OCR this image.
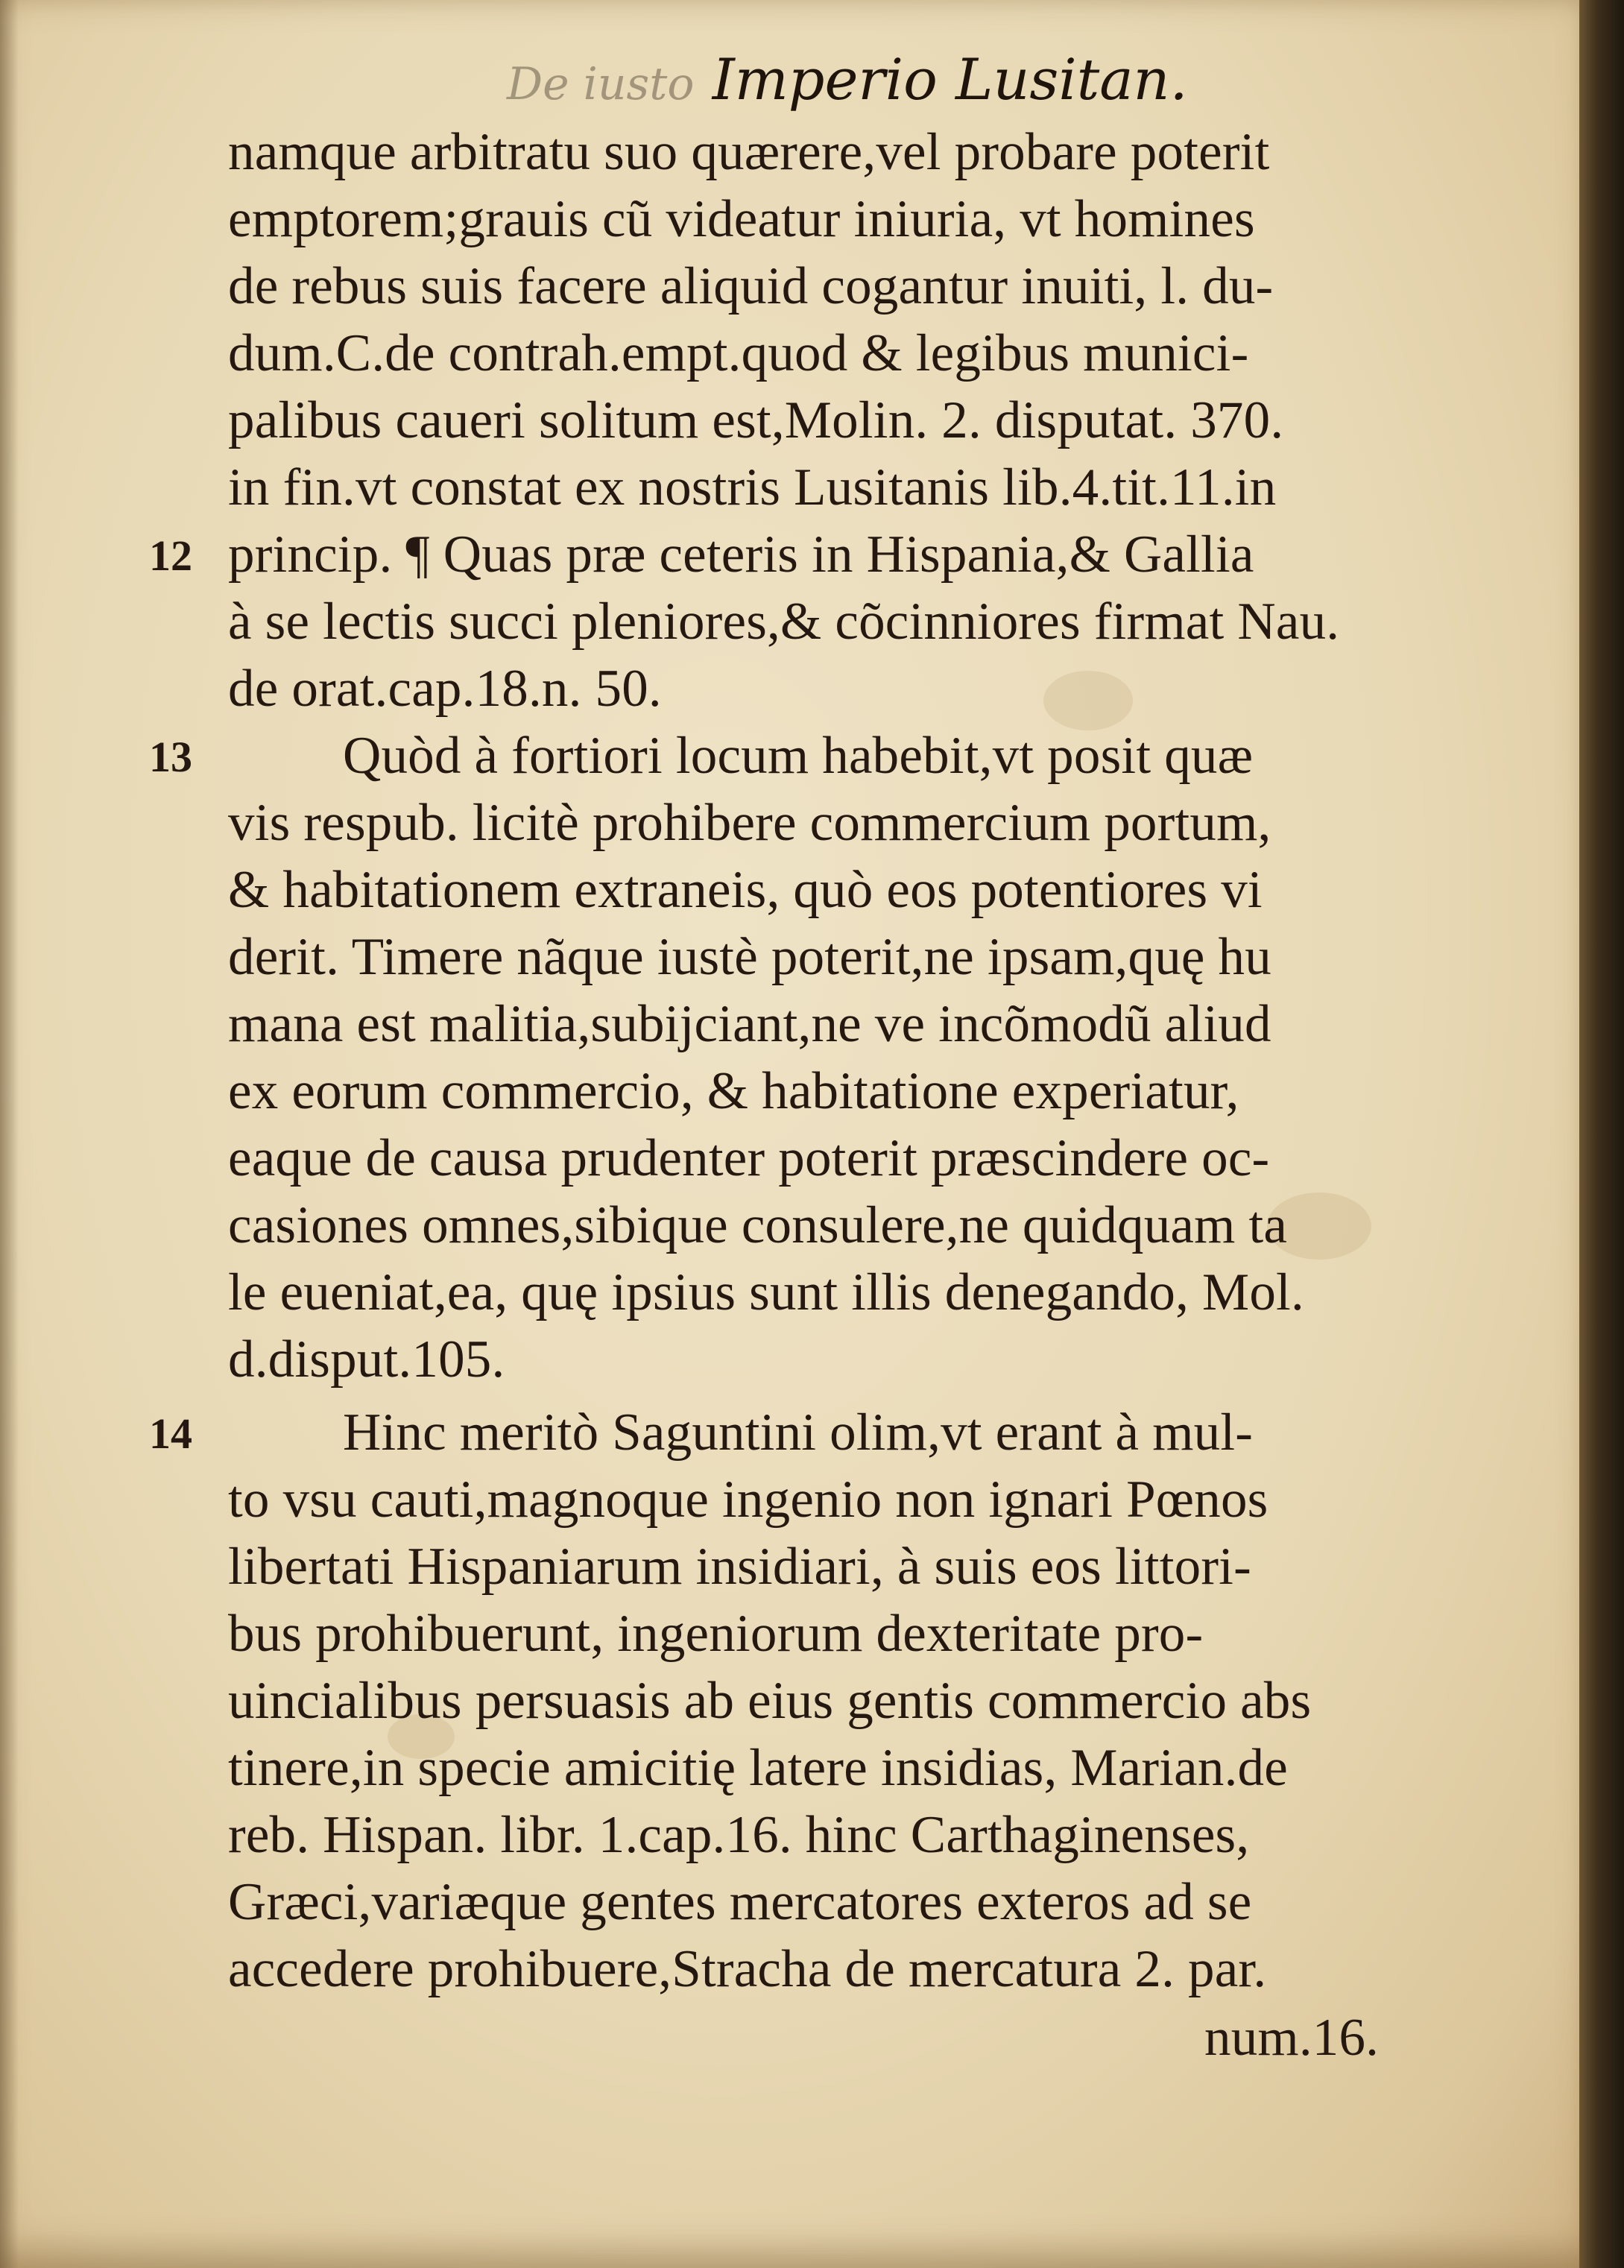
De iusto Imperio Lusitan.
namque arbitratu suo quærere,vel probare poterit
emptorem;grauis cũ videatur iniuria, vt homines
de rebus suis facere aliquid cogantur inuiti, l. du-
dum.C.de contrah.empt.quod & legibus munici-
palibus caueri solitum est,Molin. 2. disputat. 370.
in fin.vt constat ex nostris Lusitanis lib.4.tit.11.in
12 princip. ¶ Quas præ ceteris in Hispania,& Gallia
à se lectis succi pleniores,& cõcinniores firmat Nau.
de orat.cap.18.n. 50.
13	Quòd à fortiori locum habebit,vt posit quæ
vis respub. licitè prohibere commercium portum,
& habitationem extraneis, quò eos potentiores vi
derit. Timere nãque iustè poterit,ne ipsam,quę hu
mana est malitia,subijciant,ne ve incõmodũ aliud
ex eorum commercio, & habitatione experiatur,
eaque de causa prudenter poterit præscindere oc-
casiones omnes,sibique consulere,ne quidquam ta
le eueniat,ea, quę ipsius sunt illis denegando, Mol.
d.disput.105.
14	Hinc meritò Saguntini olim,vt erant à mul-
to vsu cauti,magnoque ingenio non ignari Pœnos
libertati Hispaniarum insidiari, à suis eos littori-
bus prohibuerunt, ingeniorum dexteritate pro-
uincialibus persuasis ab eius gentis commercio abs
tinere,in specie amicitię latere insidias, Marian.de
reb. Hispan. libr. 1.cap.16. hinc Carthaginenses,
Græci,variæque gentes mercatores exteros ad se
accedere prohibuere,Stracha de mercatura 2. par.
num.16.
